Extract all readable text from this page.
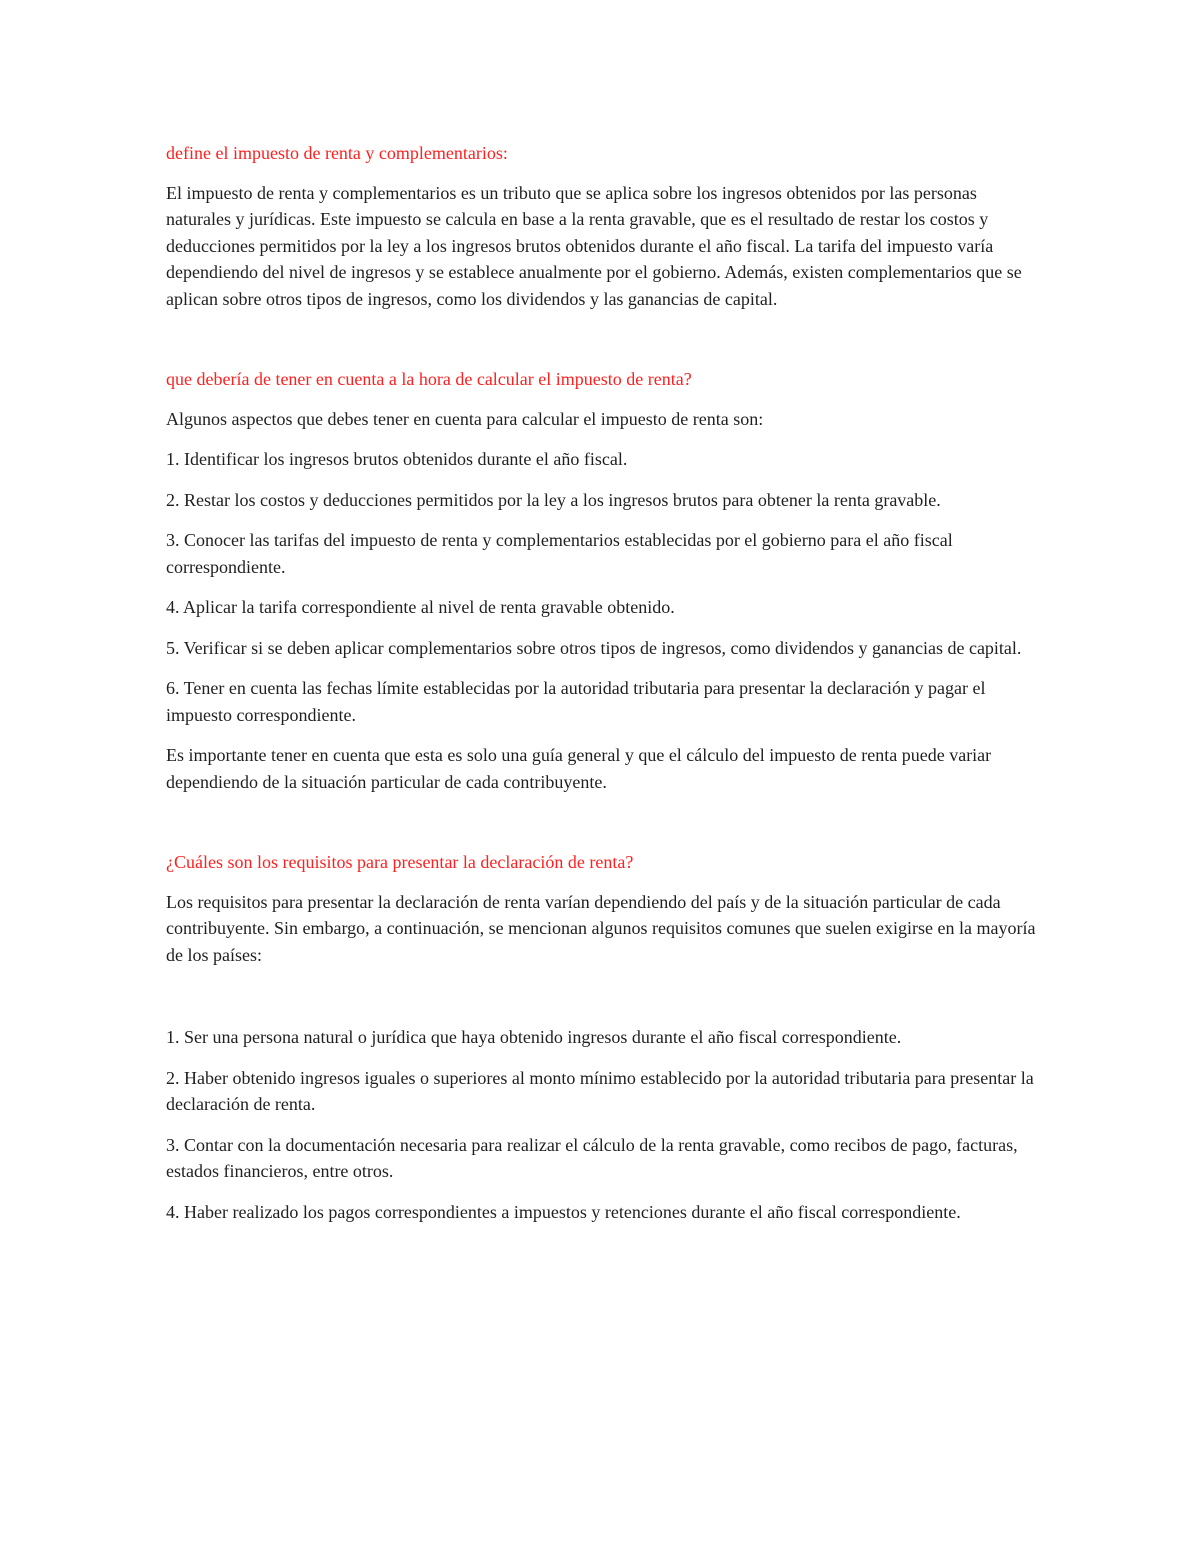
define el impuesto de renta y complementarios:

El impuesto de renta y complementarios es un tributo que se aplica sobre los ingresos obtenidos por las personas naturales y jurídicas. Este impuesto se calcula en base a la renta gravable, que es el resultado de restar los costos y deducciones permitidos por la ley a los ingresos brutos obtenidos durante el año fiscal. La tarifa del impuesto varía dependiendo del nivel de ingresos y se establece anualmente por el gobierno. Además, existen complementarios que se aplican sobre otros tipos de ingresos, como los dividendos y las ganancias de capital.

que debería de tener en cuenta a la hora de calcular el impuesto de renta?

Algunos aspectos que debes tener en cuenta para calcular el impuesto de renta son:

1. Identificar los ingresos brutos obtenidos durante el año fiscal.

2. Restar los costos y deducciones permitidos por la ley a los ingresos brutos para obtener la renta gravable.

3. Conocer las tarifas del impuesto de renta y complementarios establecidas por el gobierno para el año fiscal correspondiente.

4. Aplicar la tarifa correspondiente al nivel de renta gravable obtenido.

5. Verificar si se deben aplicar complementarios sobre otros tipos de ingresos, como dividendos y ganancias de capital.

6. Tener en cuenta las fechas límite establecidas por la autoridad tributaria para presentar la declaración y pagar el impuesto correspondiente.

Es importante tener en cuenta que esta es solo una guía general y que el cálculo del impuesto de renta puede variar dependiendo de la situación particular de cada contribuyente.

¿Cuáles son los requisitos para presentar la declaración de renta?

Los requisitos para presentar la declaración de renta varían dependiendo del país y de la situación particular de cada contribuyente. Sin embargo, a continuación, se mencionan algunos requisitos comunes que suelen exigirse en la mayoría de los países:

1. Ser una persona natural o jurídica que haya obtenido ingresos durante el año fiscal correspondiente.

2. Haber obtenido ingresos iguales o superiores al monto mínimo establecido por la autoridad tributaria para presentar la declaración de renta.

3. Contar con la documentación necesaria para realizar el cálculo de la renta gravable, como recibos de pago, facturas, estados financieros, entre otros.

4. Haber realizado los pagos correspondientes a impuestos y retenciones durante el año fiscal correspondiente.
